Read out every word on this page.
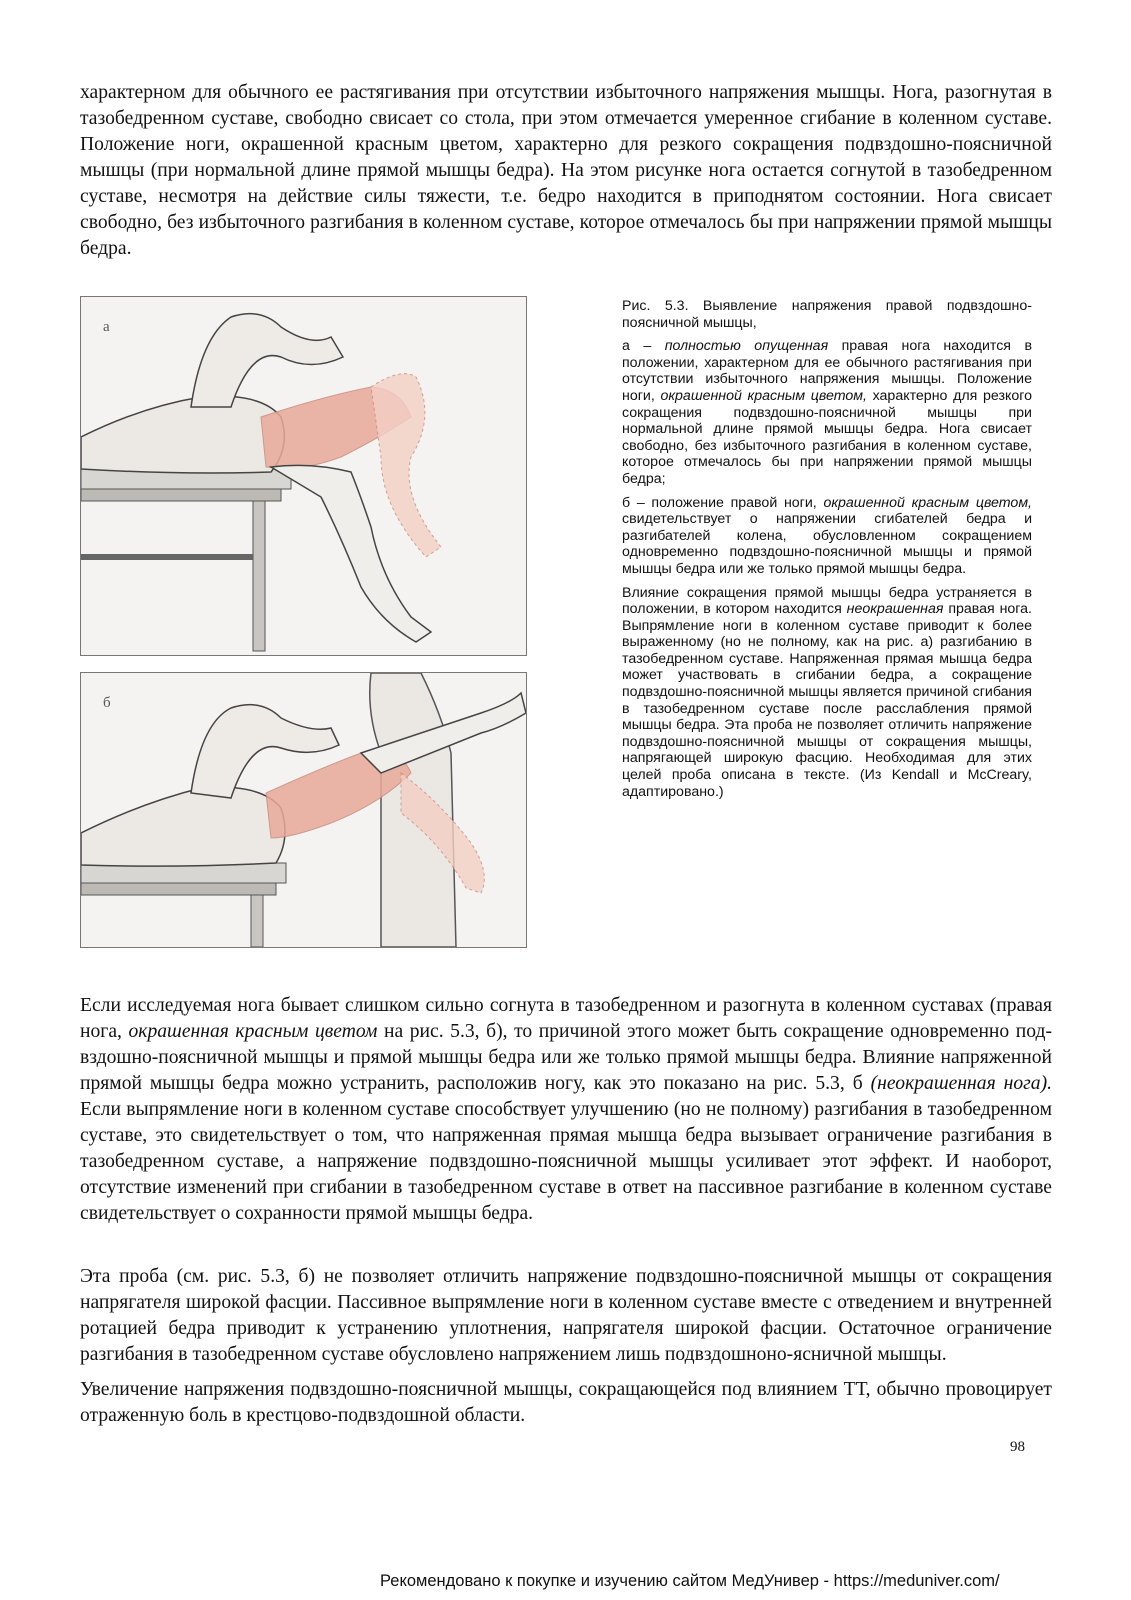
характерном для обычного ее растягивания при отсутствии избыточного напряжения мышцы. Нога, разогнутая в тазобедренном суставе, свободно свисает со стола, при этом отмечается умеренное сгибание в коленном суставе. Положение ноги, окрашенной красным цветом, характерно для резкого сокращения подвздошно-поясничной мышцы (при нормальной длине прямой мышцы бедра). На этом рисунке нога остается согнутой в тазобедренном суставе, несмотря на действие силы тяжести, т.е. бедро находится в приподнятом состоянии. Нога свисает свободно, без избыточного разгибания в коленном суставе, которое отмечалось бы при напряжении прямой мышцы бедра.

а
б

Рис. 5.3. Выявление напряжения правой подвздошно-поясничной мышцы,

а – полностью опущенная правая нога находится в положении, характерном для ее обычного растягивания при отсутствии избыточного напряжения мышцы. Положение ноги, окрашенной красным цветом, характерно для резкого сокращения подвздошно-поясничной мышцы при нормальной длине прямой мышцы бедра. Нога свисает свободно, без избыточного разгибания в коленном суставе, которое отмечалось бы при напряжении прямой мышцы бедра;

б – положение правой ноги, окрашенной красным цветом, свидетельствует о напряжении сгибателей бедра и разгибателей колена, обусловленном сокращением одновременно подвздошно-поясничной мышцы и прямой мышцы бедра или же только прямой мышцы бедра.

Влияние сокращения прямой мышцы бедра устраняется в положении, в котором находится неокрашенная правая нога. Выпрямление ноги в коленном суставе приводит к более выраженному (но не полному, как на рис. а) разгибанию в тазобедренном суставе. Напряженная прямая мышца бедра может участвовать в сгибании бедра, а сокращение подвздошно-поясничной мышцы является причиной сгибания в тазобедренном суставе после расслабления прямой мышцы бедра. Эта проба не позволяет отличить напряжение подвздошно-поясничной мышцы от сокращения мышцы, напрягающей широкую фасцию. Необходимая для этих целей проба описана в тексте. (Из Kendall и McCreary, адаптировано.)

Если исследуемая нога бывает слишком сильно согнута в тазобедренном и разогнута в коленном суставах (правая нога, окрашенная красным цветом на рис. 5.3, б), то причиной этого может быть сокращение одновременно под-вздошно-поясничной мышцы и прямой мышцы бедра или же только прямой мышцы бедра. Влияние напряженной прямой мышцы бедра можно устранить, расположив ногу, как это показано на рис. 5.3, б (неокрашенная нога). Если выпрямление ноги в коленном суставе способствует улучшению (но не полному) разгибания в тазобедренном суставе, это свидетельствует о том, что напряженная прямая мышца бедра вызывает ограничение разгибания в тазобедренном суставе, а напряжение подвздошно-поясничной мышцы усиливает этот эффект. И наоборот, отсутствие изменений при сгибании в тазобедренном суставе в ответ на пассивное разгибание в коленном суставе свидетельствует о сохранности прямой мышцы бедра.

Эта проба (см. рис. 5.3, б) не позволяет отличить напряжение подвздошно-поясничной мышцы от сокращения напрягателя широкой фасции. Пассивное выпрямление ноги в коленном суставе вместе с отведением и внутренней ротацией бедра приводит к устранению уплотнения, напрягателя широкой фасции. Остаточное ограничение разгибания в тазобедренном суставе обусловлено напряжением лишь подвздошноно-ясничной мышцы.

Увеличение напряжения подвздошно-поясничной мышцы, сокращающейся под влиянием ТТ, обычно провоцирует отраженную боль в крестцово-подвздошной области.

98
Рекомендовано к покупке и изучению сайтом МедУнивер - https://meduniver.com/
